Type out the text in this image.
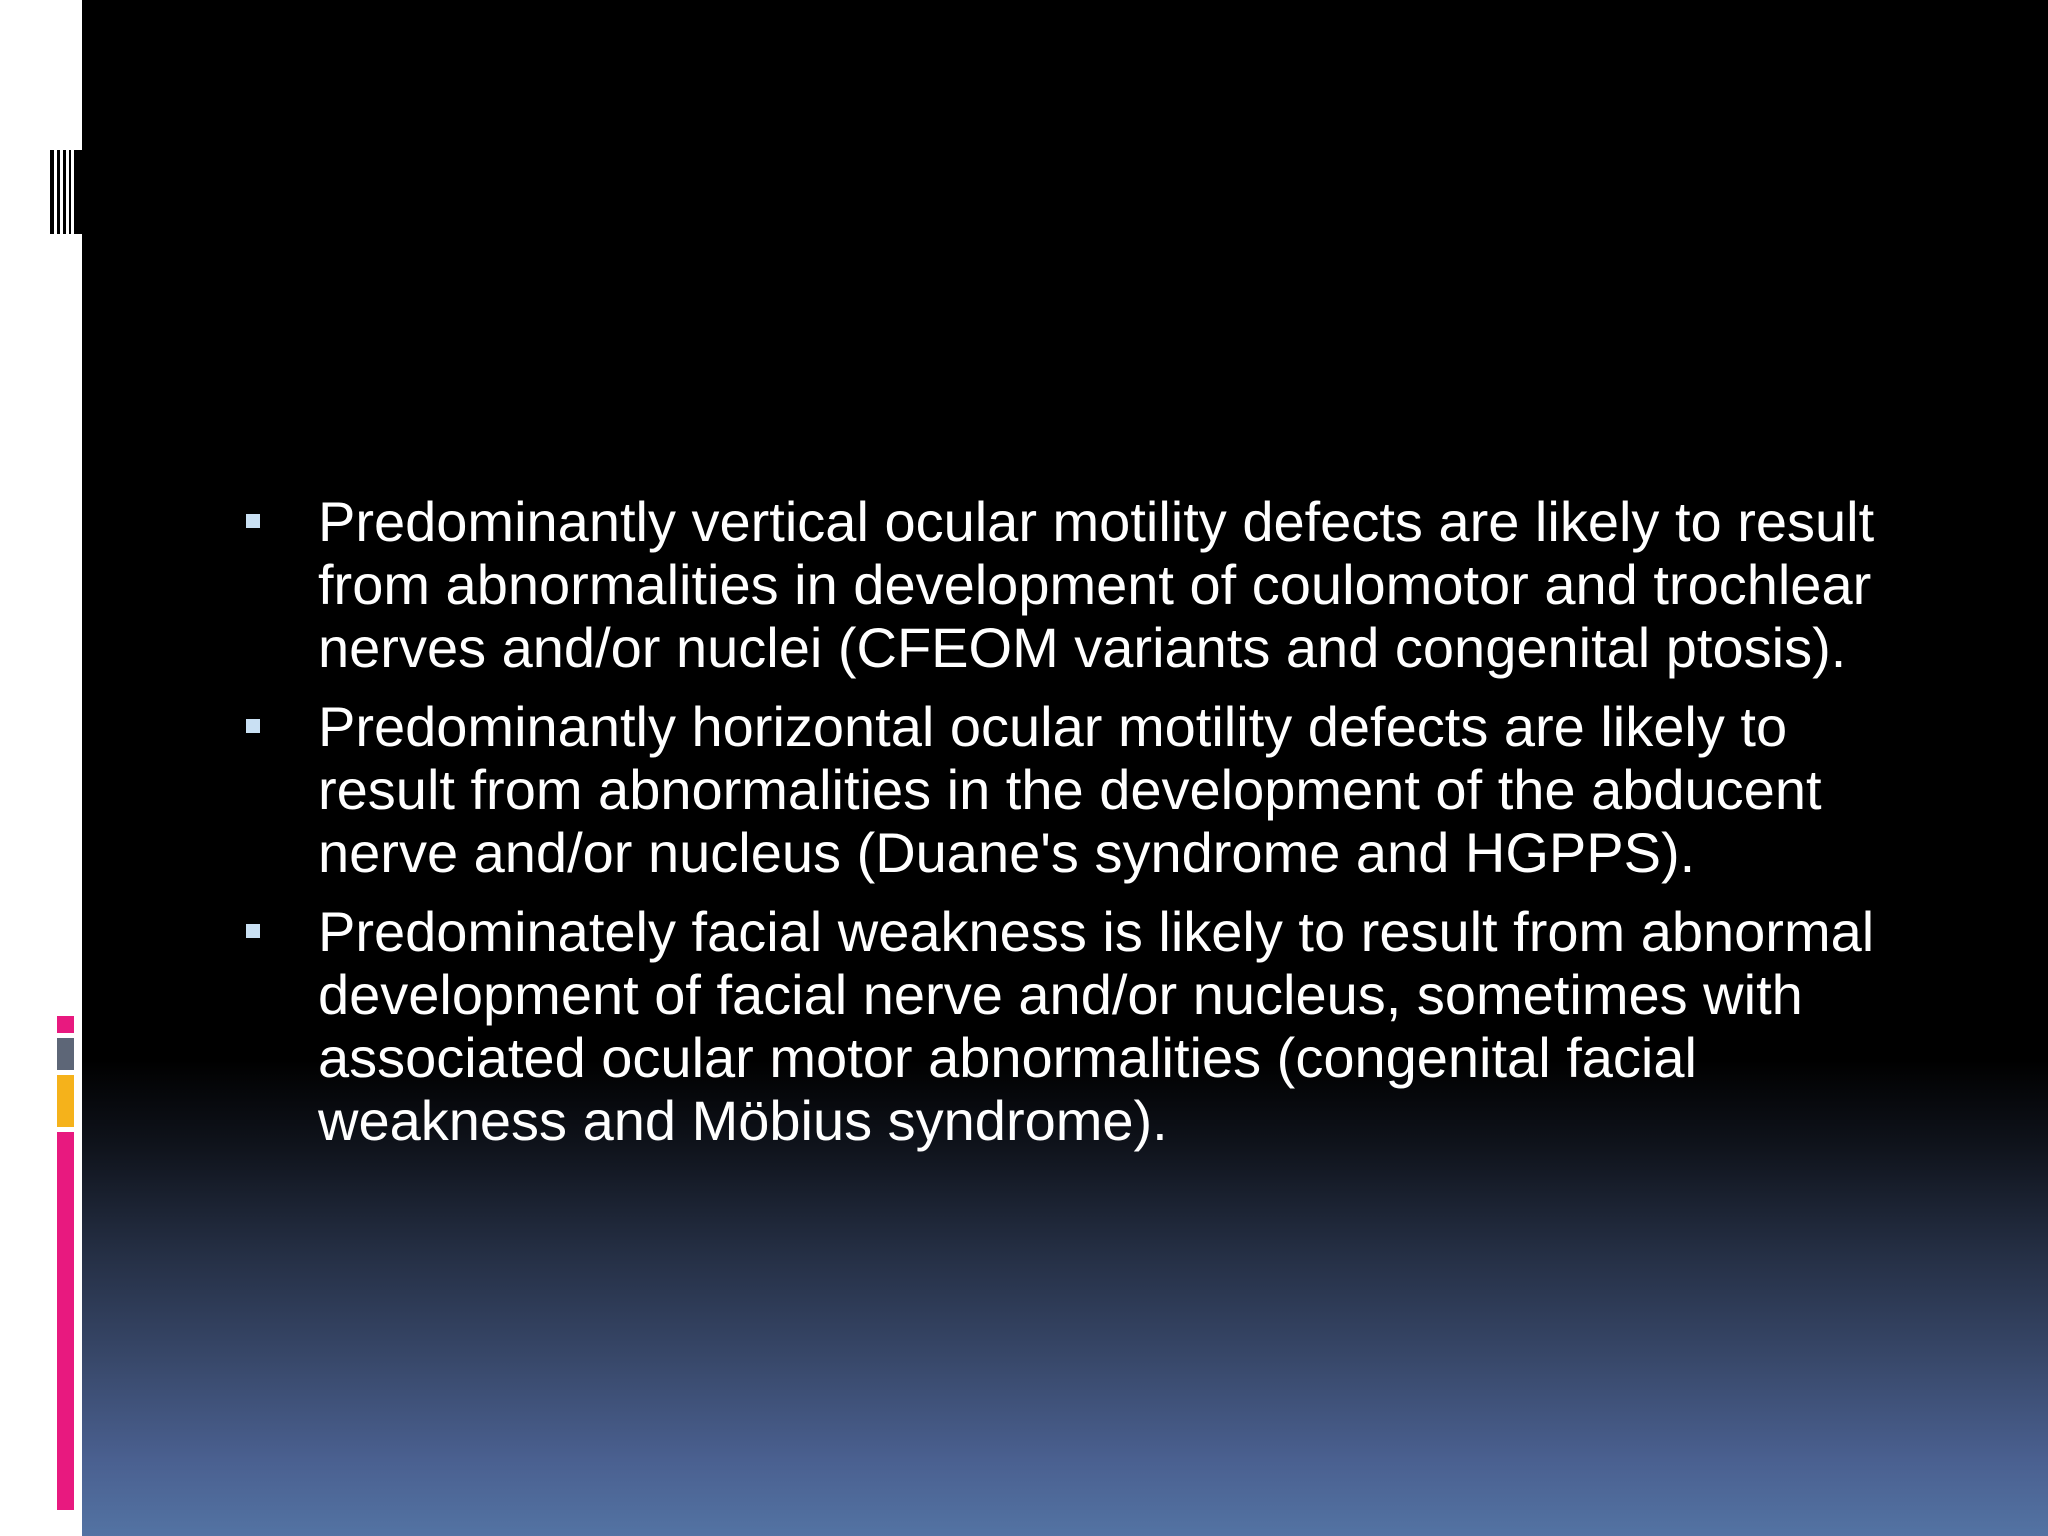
Predominantly vertical ocular motility defects are likely to result from abnormalities in development of coulomotor and trochlear nerves and/or nuclei (CFEOM variants and congenital ptosis).
Predominantly horizontal ocular motility defects are likely to result from abnormalities in the development of the abducent nerve and/or nucleus (Duane's syndrome and HGPPS).
Predominately facial weakness is likely to result from abnormal development of facial nerve and/or nucleus, sometimes with associated ocular motor abnormalities (congenital facial weakness and Möbius syndrome).
